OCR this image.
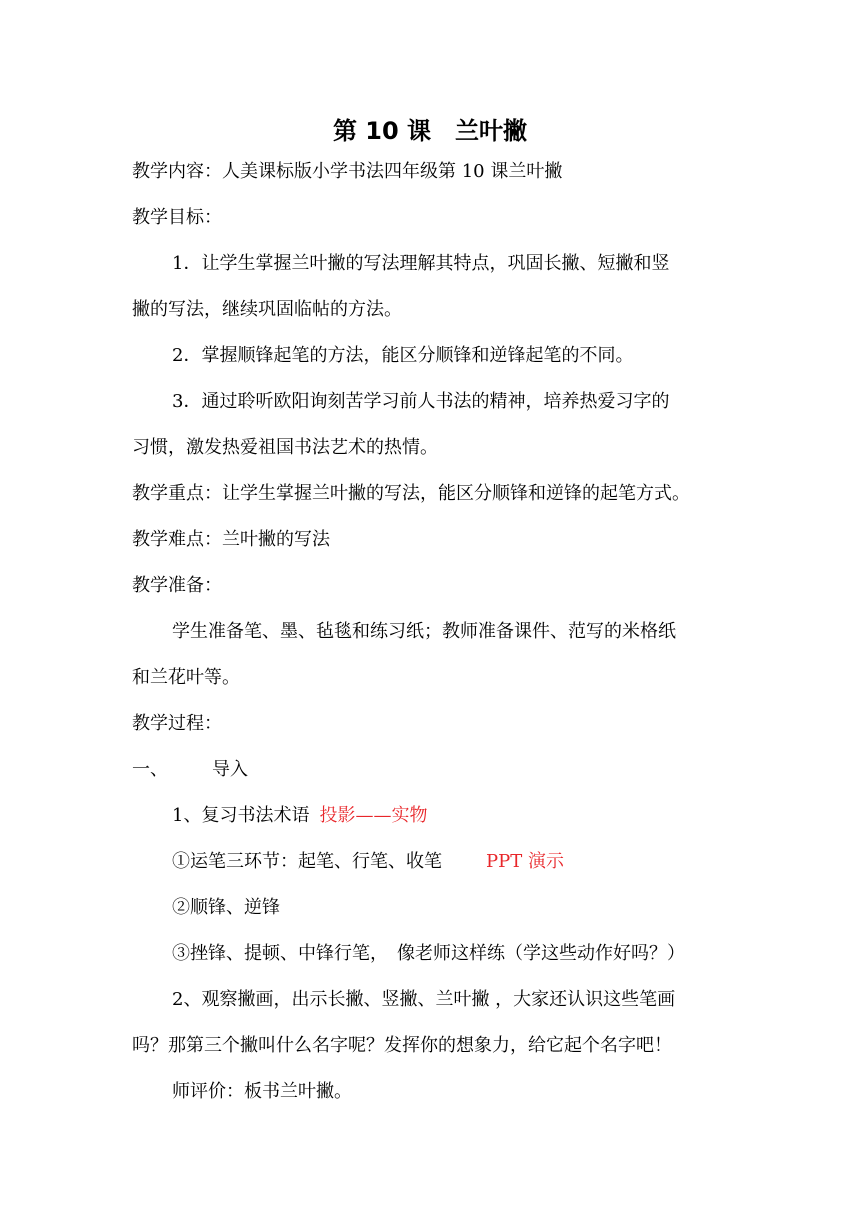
第 10 课　兰叶撇
教学内容：人美课标版小学书法四年级第 10 课兰叶撇
教学目标：
1．让学生掌握兰叶撇的写法理解其特点，巩固长撇、短撇和竖
撇的写法，继续巩固临帖的方法。
2．掌握顺锋起笔的方法，能区分顺锋和逆锋起笔的不同。
3．通过聆听欧阳询刻苦学习前人书法的精神，培养热爱习字的
习惯，激发热爱祖国书法艺术的热情。
教学重点：让学生掌握兰叶撇的写法，能区分顺锋和逆锋的起笔方式。
教学难点：兰叶撇的写法
教学准备：
学生准备笔、墨、毡毯和练习纸；教师准备课件、范写的米格纸
和兰花叶等。
教学过程：
一、 导入
1、复习书法术语 投影——实物
①运笔三环节：起笔、行笔、收笔 PPT 演示
②顺锋、逆锋
③挫锋、提顿、中锋行笔，　像老师这样练（学这些动作好吗？）
2、观察撇画，出示长撇、竖撇、兰叶撇 ，大家还认识这些笔画
吗？那第三个撇叫什么名字呢？发挥你的想象力，给它起个名字吧！
师评价：板书兰叶撇。
